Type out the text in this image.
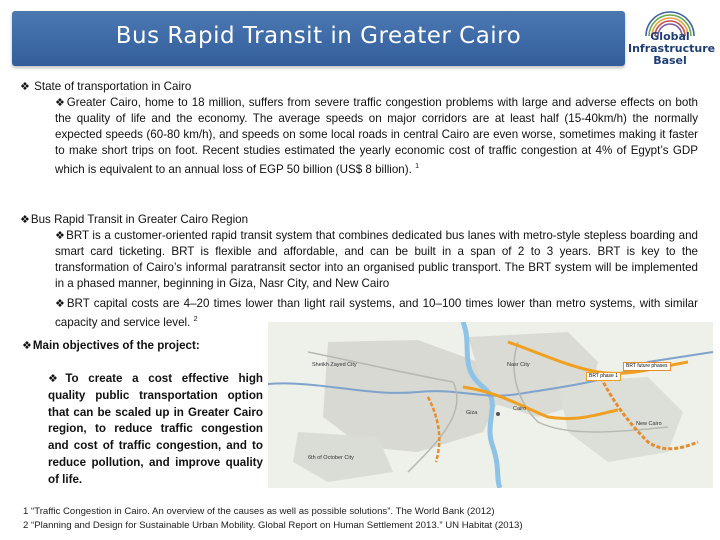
Bus Rapid Transit in Greater Cairo	Global
Infrastructure
Basel
❖ State of transportation in Cairo
❖Greater Cairo, home to 18 million, suffers from severe traffic congestion problems with large and adverse effects on both the quality of life and the economy. The average speeds on major corridors are at least half (15-40km/h) the normally expected speeds (60-80 km/h), and speeds on some local roads in central Cairo are even worse, sometimes making it faster to make short trips on foot. Recent studies estimated the yearly economic cost of traffic congestion at 4% of Egypt’s GDP which is equivalent to an annual loss of EGP 50 billion (US$ 8 billion). $^1$
❖Bus Rapid Transit in Greater Cairo Region
❖BRT is a customer-oriented rapid transit system that combines dedicated bus lanes with metro-style stepless boarding and smart card ticketing. BRT is flexible and affordable, and can be built in a span of 2 to 3 years. BRT is key to the transformation of Cairo’s informal paratransit sector into an organised public transport. The BRT system will be implemented in a phased manner, beginning in Giza, Nasr City, and New Cairo
❖BRT capital costs are 4–20 times lower than light rail systems, and 10–100 times lower than metro systems, with similar capacity and service level. $^2$
❖Main objectives of the project:
❖To create a cost effective high quality public transportation option that can be scaled up in Greater Cairo region, to reduce traffic congestion and cost of traffic congestion, and to reduce pollution, and improve quality of life.
Sheikh Zayed City
6th of October City
Giza
Cairo
Nasr City
New Cairo
BRT future phases
BRT phase 1
1 “Traffic Congestion in Cairo. An overview of the causes as well as possible solutions”. The World Bank (2012)
2 “Planning and Design for Sustainable Urban Mobility. Global Report on Human Settlement 2013.” UN Habitat (2013)
